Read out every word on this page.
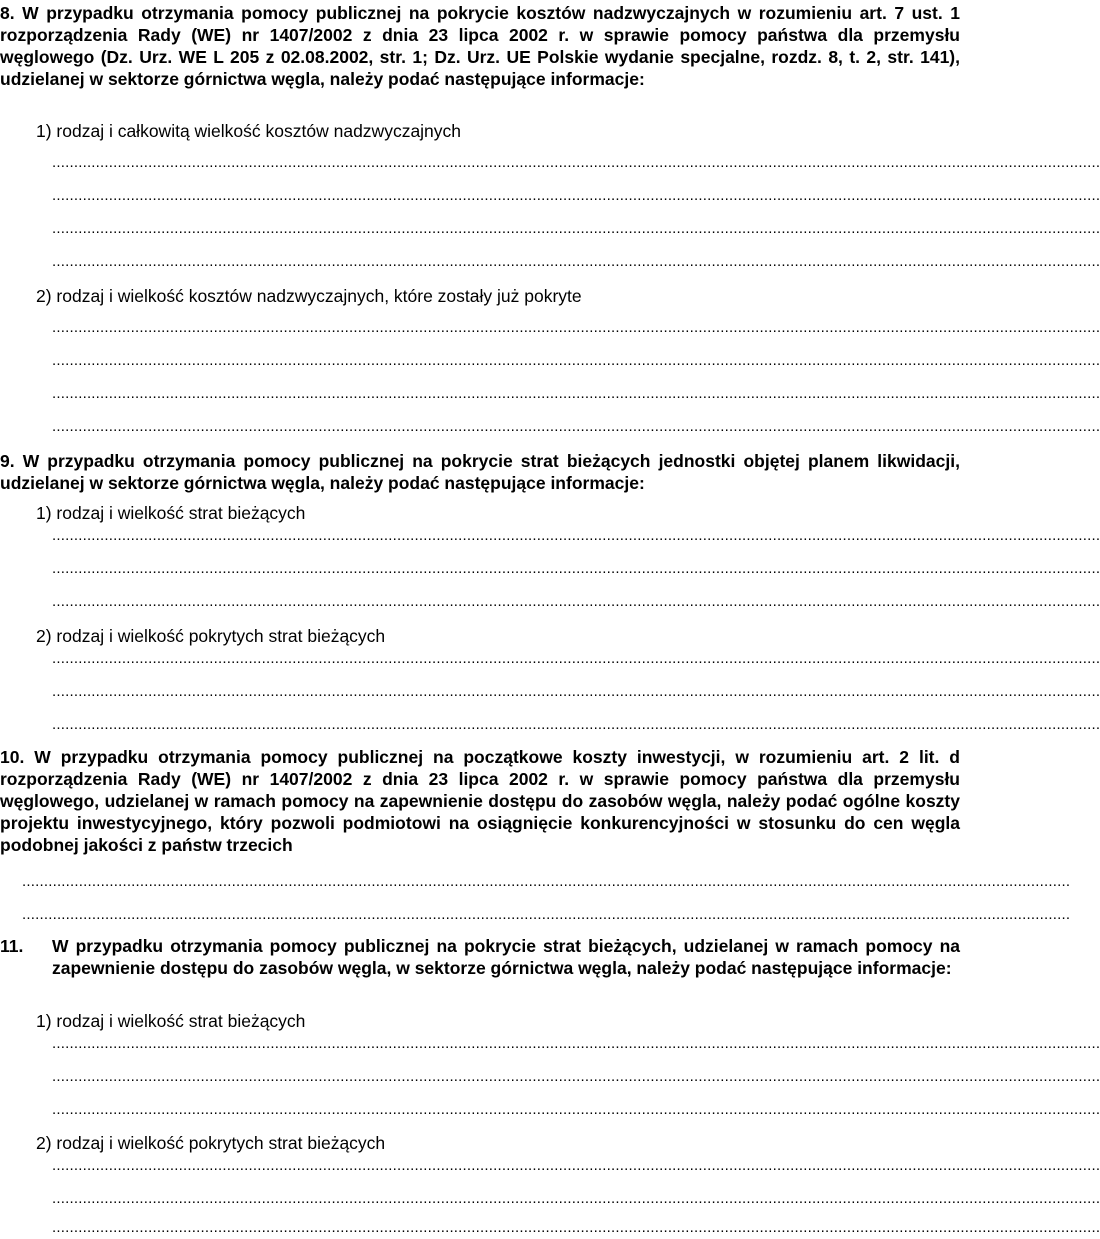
8. W przypadku otrzymania pomocy publicznej na pokrycie kosztów nadzwyczajnych w rozumieniu art. 7 ust. 1 rozporządzenia Rady (WE) nr 1407/2002 z dnia 23 lipca 2002 r. w sprawie pomocy państwa dla przemysłu węglowego (Dz. Urz. WE L 205 z 02.08.2002, str. 1; Dz. Urz. UE Polskie wydanie specjalne, rozdz. 8, t. 2, str. 141), udzielanej w sektorze górnictwa węgla, należy podać następujące informacje:
1) rodzaj i całkowitą wielkość kosztów nadzwyczajnych
................................................................................................................................................................................................................................................
................................................................................................................................................................................................................................................
................................................................................................................................................................................................................................................
................................................................................................................................................................................................................................................
2) rodzaj i wielkość kosztów nadzwyczajnych, które zostały już pokryte
................................................................................................................................................................................................................................................
................................................................................................................................................................................................................................................
................................................................................................................................................................................................................................................
................................................................................................................................................................................................................................................
9. W przypadku otrzymania pomocy publicznej na pokrycie strat bieżących jednostki objętej planem likwidacji, udzielanej w sektorze górnictwa węgla, należy podać następujące informacje:
1) rodzaj i wielkość strat bieżących
................................................................................................................................................................................................................................................
................................................................................................................................................................................................................................................
................................................................................................................................................................................................................................................
2) rodzaj i wielkość pokrytych strat bieżących
................................................................................................................................................................................................................................................
................................................................................................................................................................................................................................................
................................................................................................................................................................................................................................................
10. W przypadku otrzymania pomocy publicznej na początkowe koszty inwestycji, w rozumieniu art. 2 lit. d rozporządzenia Rady (WE) nr 1407/2002 z dnia 23 lipca 2002 r. w sprawie pomocy państwa dla przemysłu węglowego, udzielanej w ramach pomocy na zapewnienie dostępu do zasobów węgla, należy podać ogólne koszty projektu inwestycyjnego, który pozwoli podmiotowi na osiągnięcie konkurencyjności w stosunku do cen węgla podobnej jakości z państw trzecich
................................................................................................................................................................................................................................................
................................................................................................................................................................................................................................................
11. W przypadku otrzymania pomocy publicznej na pokrycie strat bieżących, udzielanej w ramach pomocy na zapewnienie dostępu do zasobów węgla, w sektorze górnictwa węgla, należy podać następujące informacje:
1) rodzaj i wielkość strat bieżących
................................................................................................................................................................................................................................................
................................................................................................................................................................................................................................................
................................................................................................................................................................................................................................................
2) rodzaj i wielkość pokrytych strat bieżących
................................................................................................................................................................................................................................................
................................................................................................................................................................................................................................................
................................................................................................................................................................................................................................................
